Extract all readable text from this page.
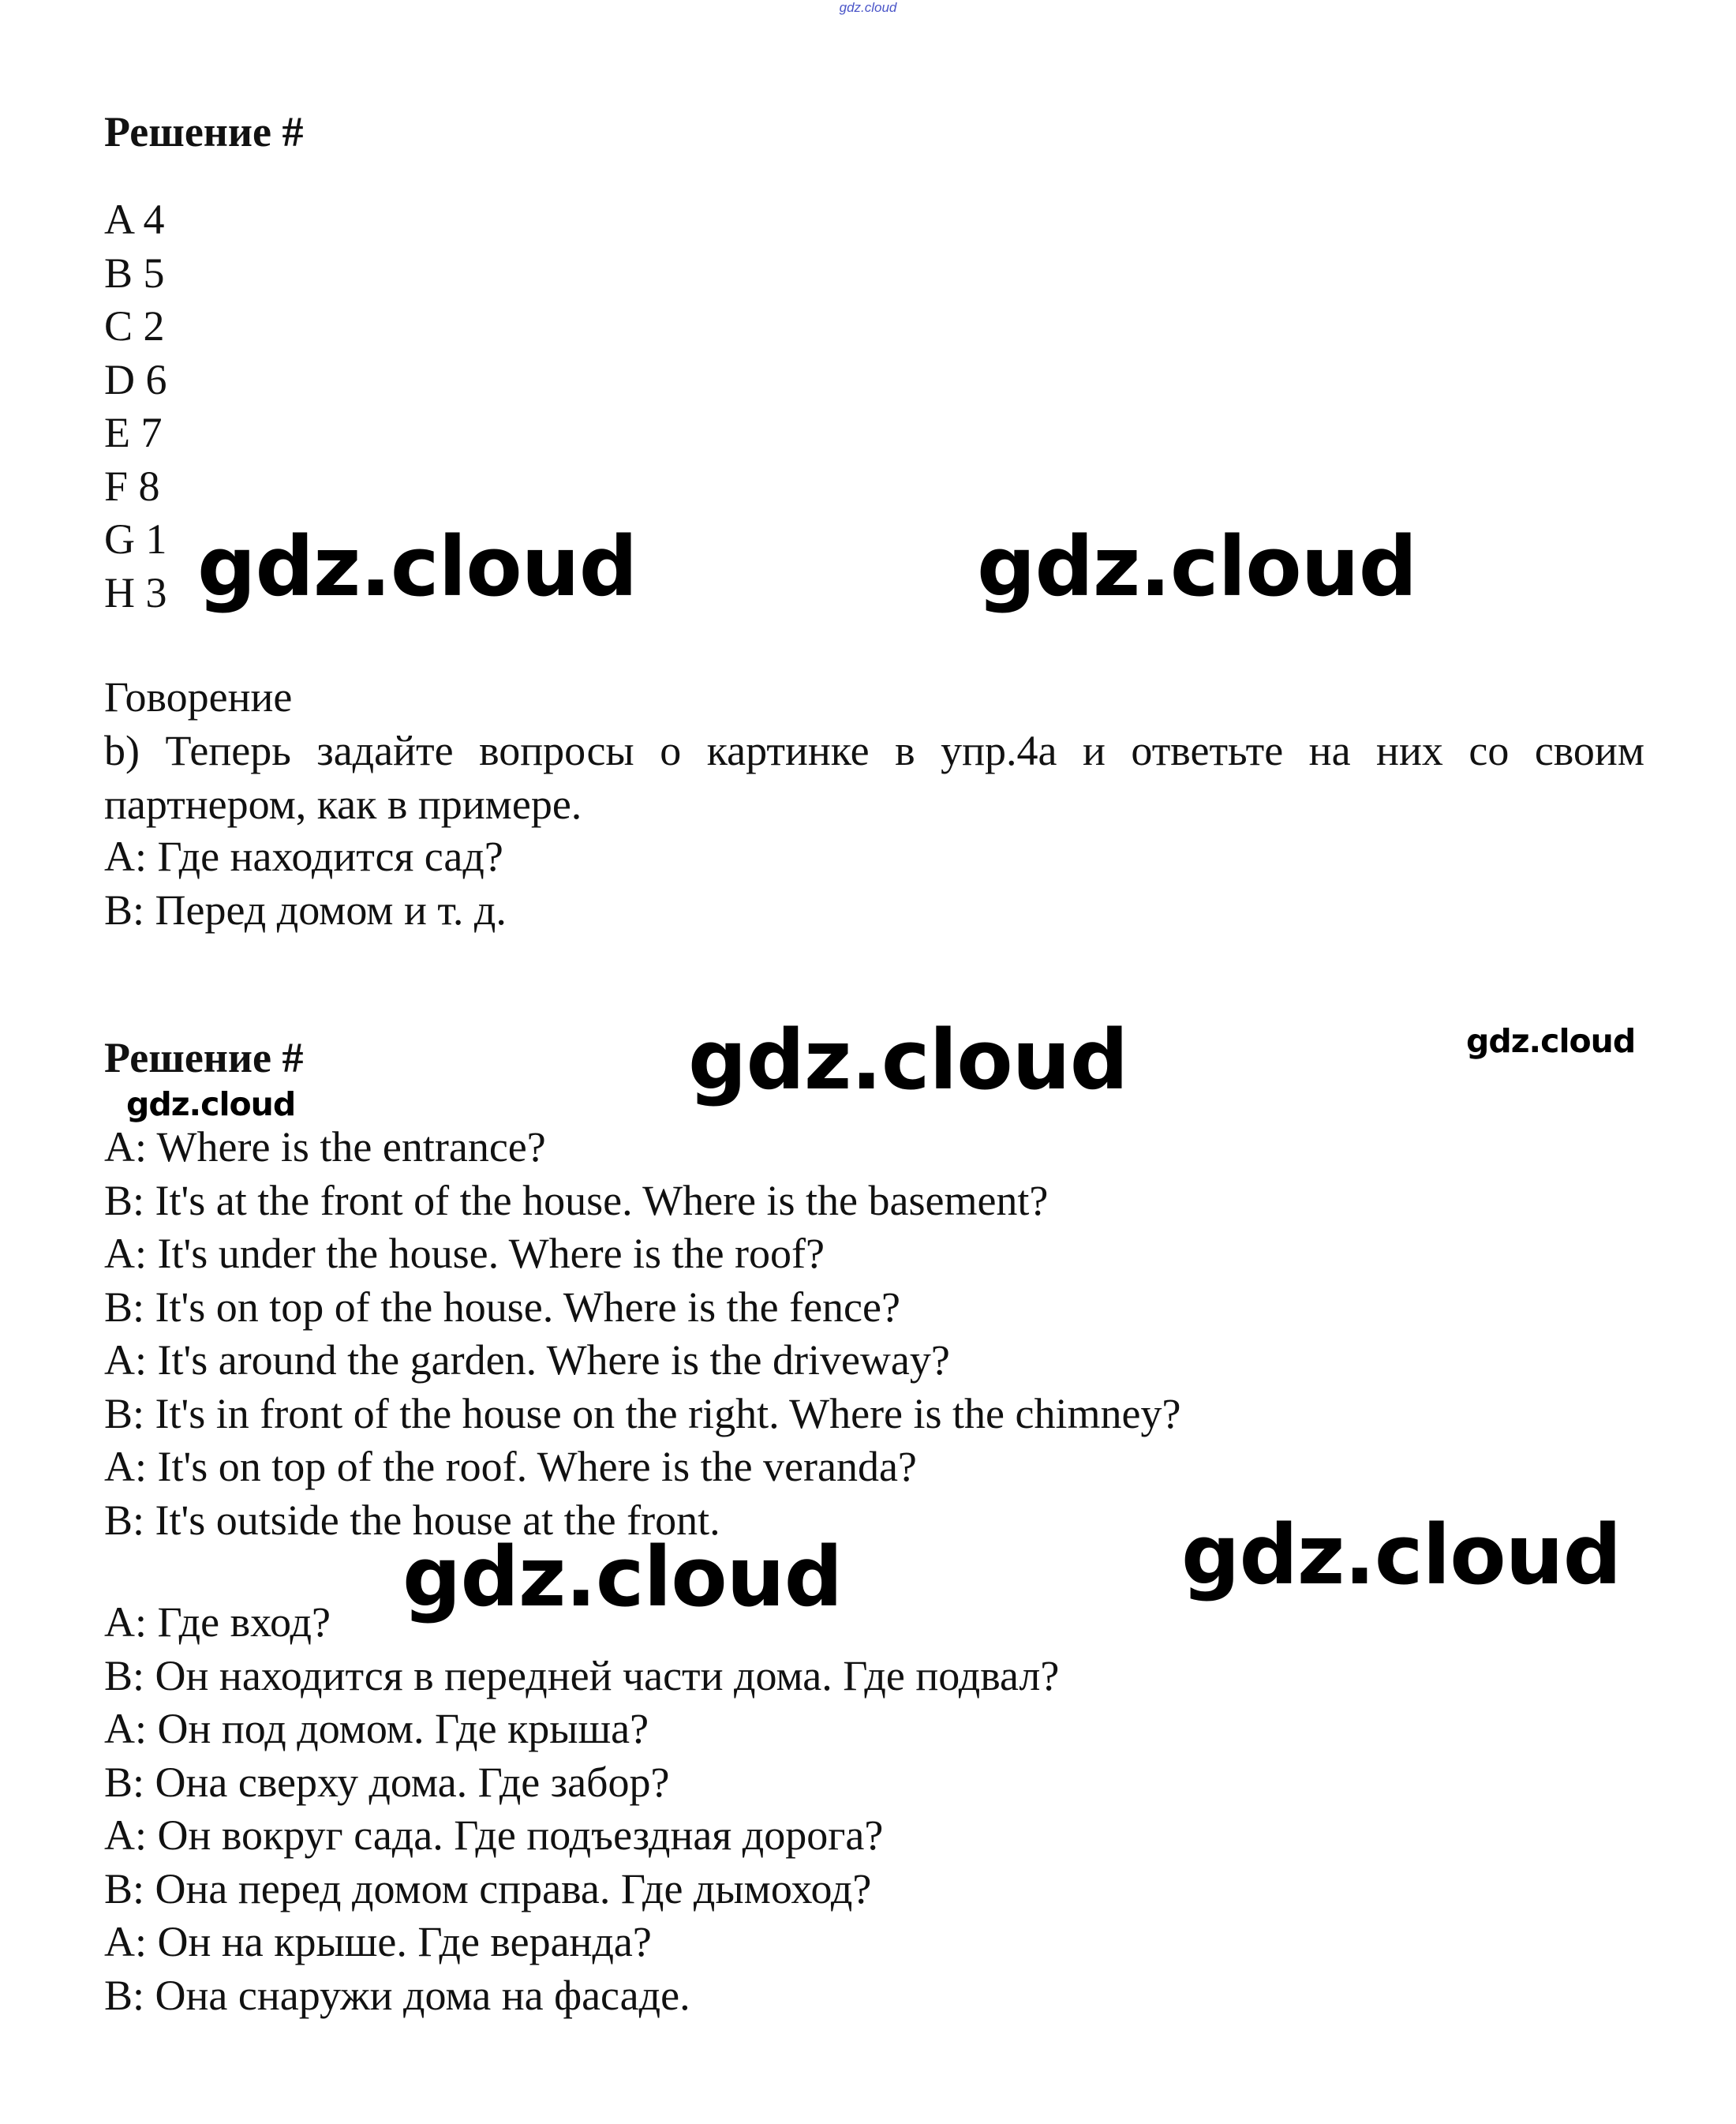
gdz.cloud
Решение #
A 4
B 5
C 2
D 6
E 7
F 8
G 1
H 3
Говорение
b) Теперь задайте вопросы о картинке в упр.4a и ответьте на них со своим партнером, как в примере.
A: Где находится сад?
B: Перед домом и т. д.
Решение #
A: Where is the entrance?
B: It's at the front of the house. Where is the basement?
A: It's under the house. Where is the roof?
B: It's on top of the house. Where is the fence?
A: It's around the garden. Where is the driveway?
B: It's in front of the house on the right. Where is the chimney?
A: It's on top of the roof. Where is the veranda?
B: It's outside the house at the front.
A: Где вход?
B: Он находится в передней части дома. Где подвал?
A: Он под домом. Где крыша?
B: Она сверху дома. Где забор?
A: Он вокруг сада. Где подъездная дорога?
B: Она перед домом справа. Где дымоход?
A: Он на крыше. Где веранда?
B: Она снаружи дома на фасаде.
gdz.cloud	gdz.cloud
gdz.cloud	gdz.cloud
gdz.cloud
gdz.cloud	gdz.cloud
